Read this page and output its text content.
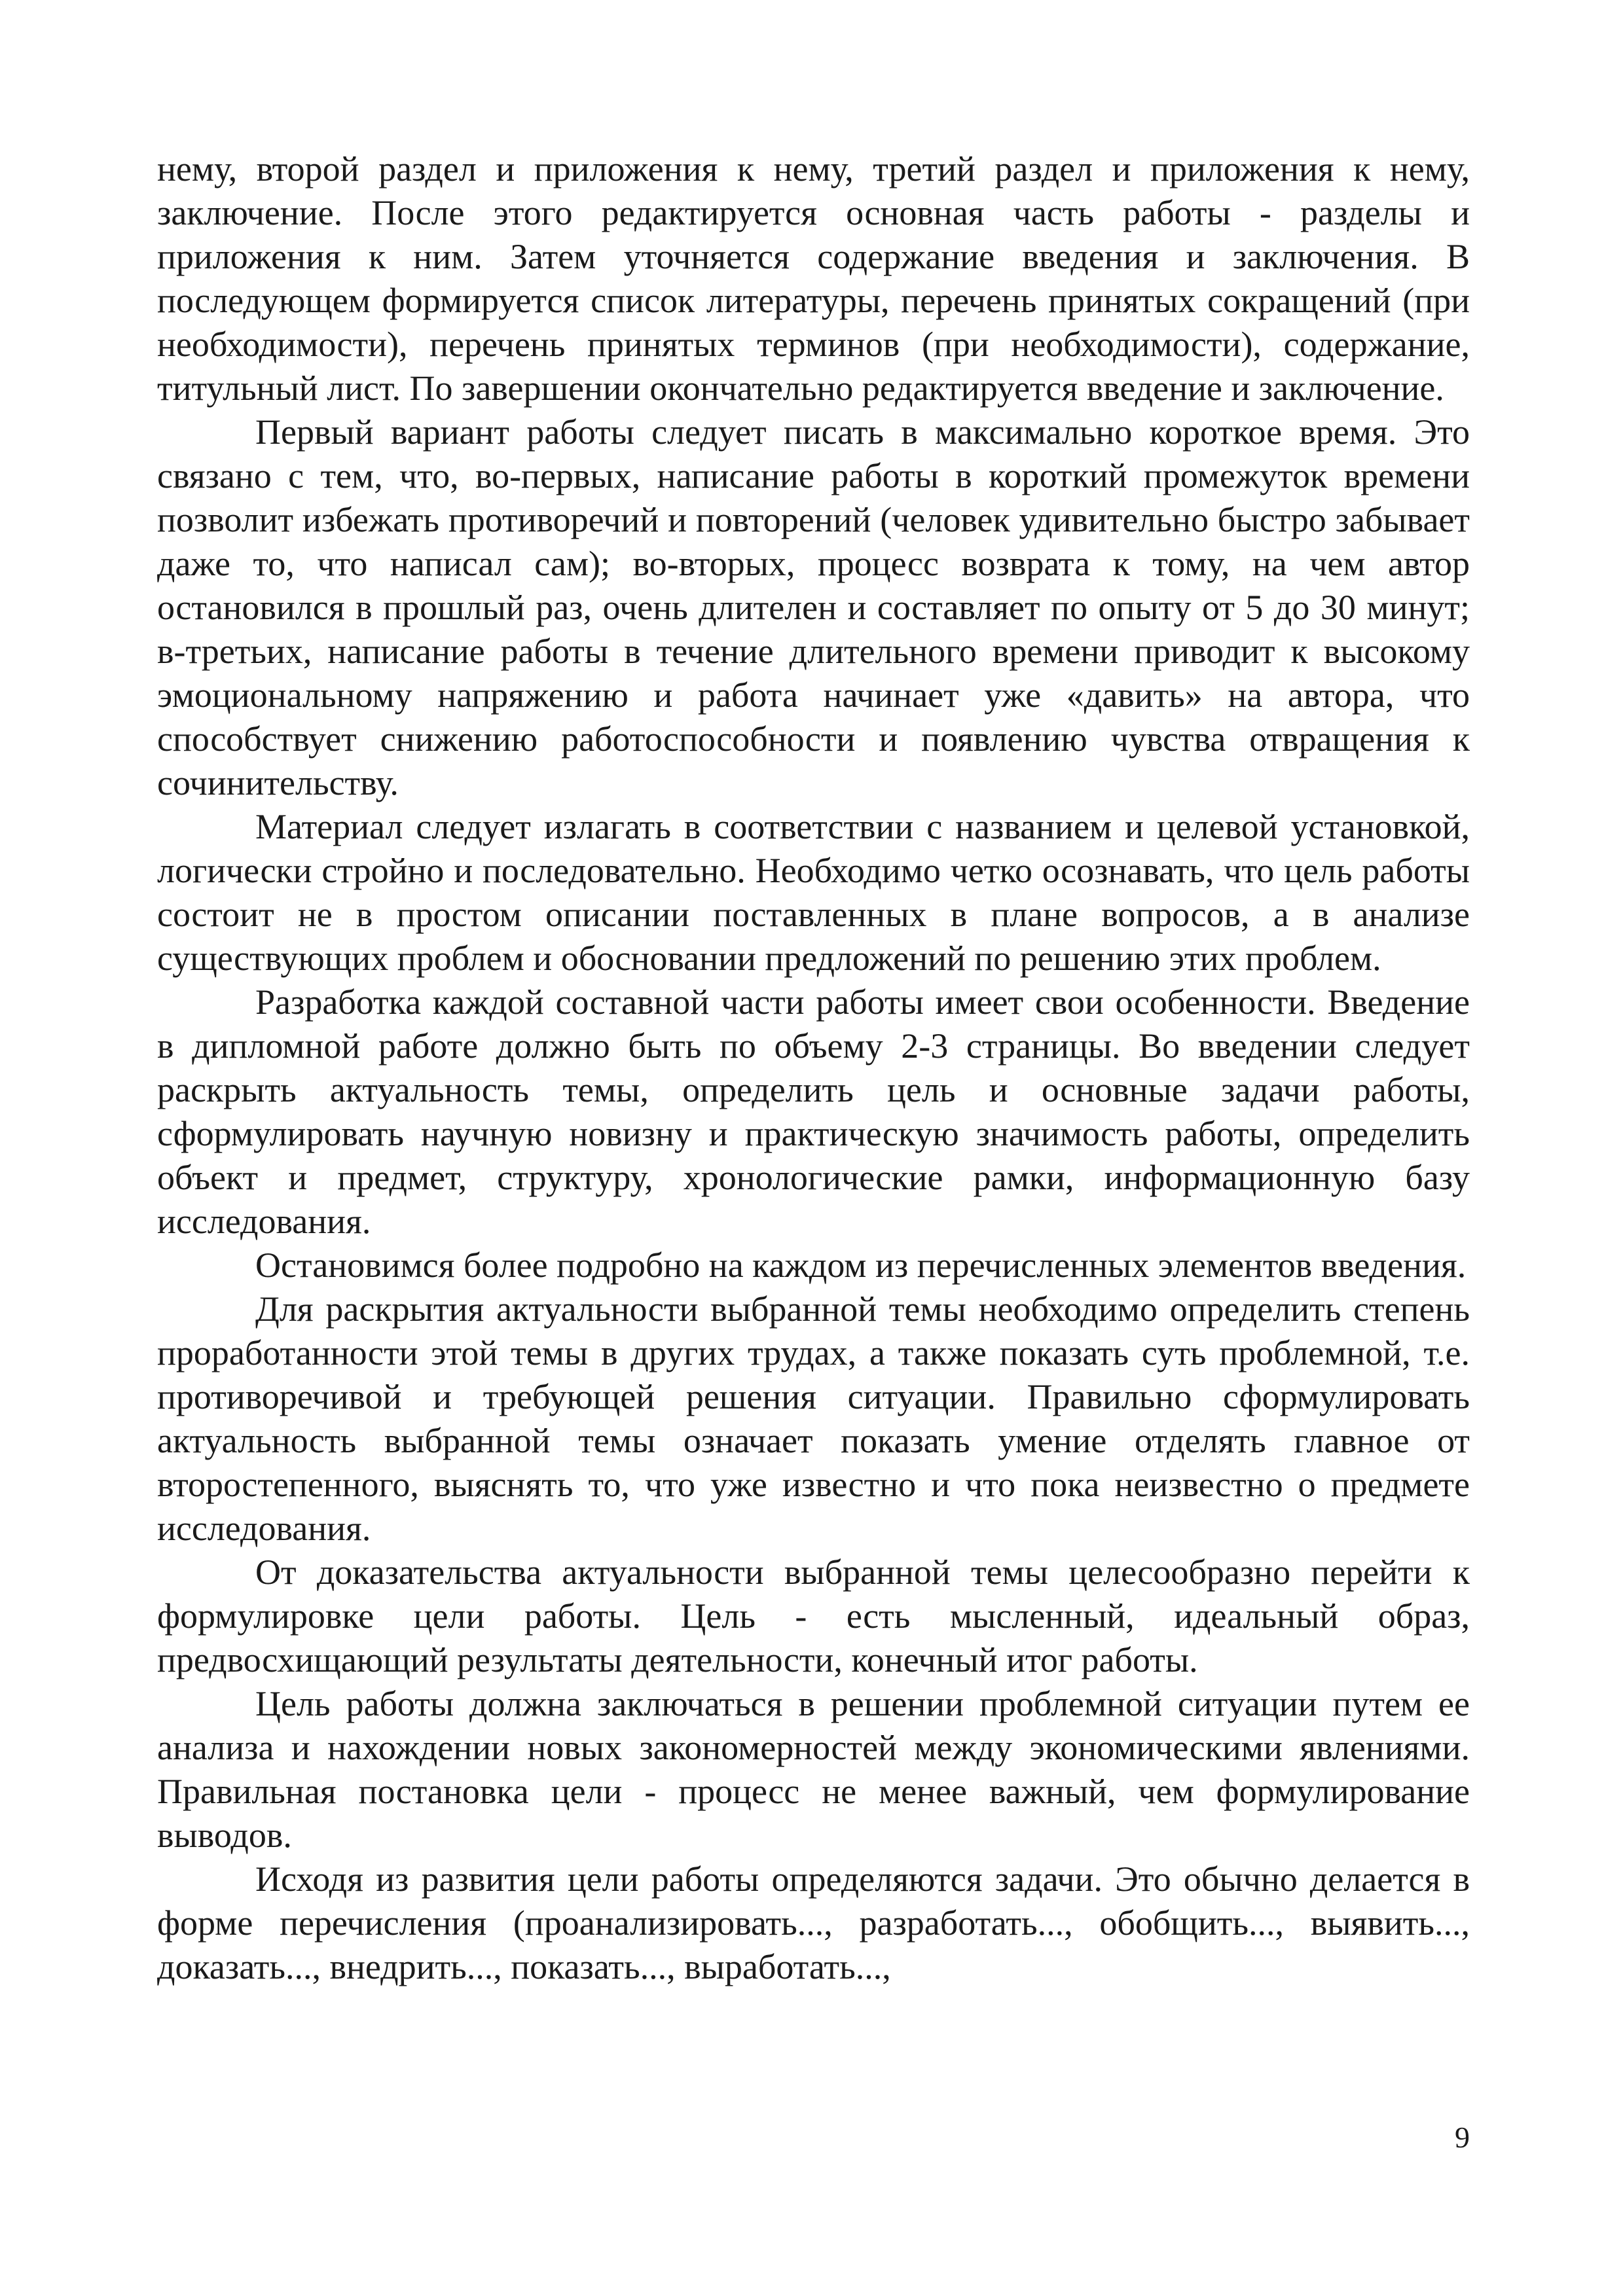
нему, второй раздел и приложения к нему, третий раздел и приложения к нему, заключение. После этого редактируется основная часть работы - разделы и приложения к ним. Затем уточняется содержание введения и заключения. В последующем формируется список литературы, перечень принятых сокращений (при необходимости), перечень принятых терминов (при необходимости), содержание, титульный лист. По завершении окончательно редактируется введение и заключение.

Первый вариант работы следует писать в максимально короткое время. Это связано с тем, что, во-первых, написание работы в короткий промежуток времени позволит избежать противоречий и повторений (человек удивительно быстро забывает даже то, что написал сам); во-вторых, процесс возврата к тому, на чем автор остановился в прошлый раз, очень длителен и составляет по опыту от 5 до 30 минут; в-третьих, написание работы в течение длительного времени приводит к высокому эмоциональному напряжению и работа начинает уже «давить» на автора, что способствует снижению работоспособности и появлению чувства отвращения к сочинительству.

Материал следует излагать в соответствии с названием и целевой установкой, логически стройно и последовательно. Необходимо четко осознавать, что цель работы состоит не в простом описании поставленных в плане вопросов, а в анализе существующих проблем и обосновании предложений по решению этих проблем.

Разработка каждой составной части работы имеет свои особенности. Введение в дипломной работе должно быть по объему 2-3 страницы. Во введении следует раскрыть актуальность темы, определить цель и основные задачи работы, сформулировать научную новизну и практическую значимость работы, определить объект и предмет, структуру, хронологические рамки, информационную базу исследования.

Остановимся более подробно на каждом из перечисленных элементов введения.

Для раскрытия актуальности выбранной темы необходимо определить степень проработанности этой темы в других трудах, а также показать суть проблемной, т.е. противоречивой и требующей решения ситуации. Правильно сформулировать актуальность выбранной темы означает показать умение отделять главное от второстепенного, выяснять то, что уже известно и что пока неизвестно о предмете исследования.

От доказательства актуальности выбранной темы целесообразно перейти к формулировке цели работы. Цель - есть мысленный, идеальный образ, предвосхищающий результаты деятельности, конечный итог работы.

Цель работы должна заключаться в решении проблемной ситуации путем ее анализа и нахождении новых закономерностей между экономическими явлениями. Правильная постановка цели - процесс не менее важный, чем формулирование выводов.

Исходя из развития цели работы определяются задачи. Это обычно делается в форме перечисления (проанализировать..., разработать..., обобщить..., выявить..., доказать..., внедрить..., показать..., выработать...,

9
